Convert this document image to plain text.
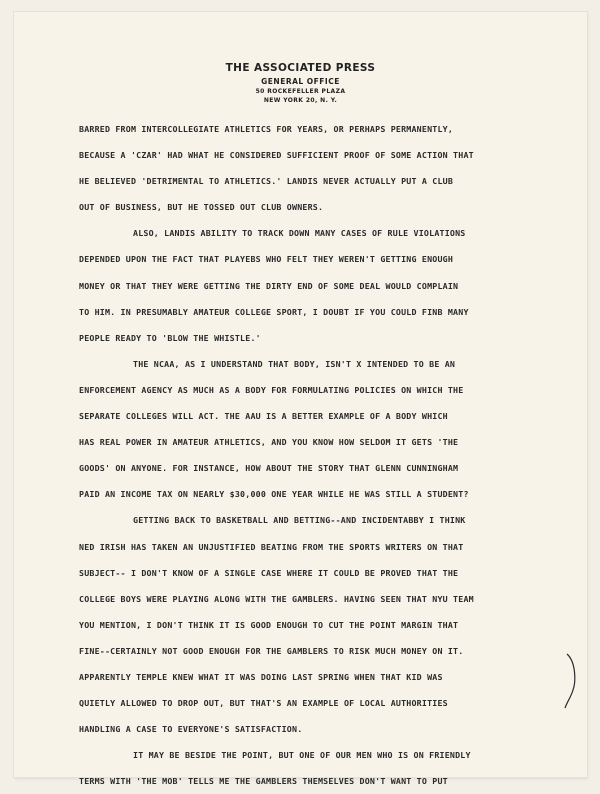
THE ASSOCIATED PRESS
GENERAL OFFICE
50 ROCKEFELLER PLAZA
NEW YORK 20, N. Y.
BARRED FROM INTERCOLLEGIATE ATHLETICS FOR YEARS, OR PERHAPS PERMANENTLY,
BECAUSE A 'CZAR' HAD WHAT HE CONSIDERED SUFFICIENT PROOF OF SOME ACTION THAT
HE BELIEVED 'DETRIMENTAL TO ATHLETICS.' LANDIS NEVER ACTUALLY PUT A CLUB
OUT OF BUSINESS, BUT HE TOSSED OUT CLUB OWNERS.
ALSO, LANDIS ABILITY TO TRACK DOWN MANY CASES OF RULE VIOLATIONS
DEPENDED UPON THE FACT THAT PLAYEBS WHO FELT THEY WEREN'T GETTING ENOUGH
MONEY OR THAT THEY WERE GETTING THE DIRTY END OF SOME DEAL WOULD COMPLAIN
TO HIM. IN PRESUMABLY AMATEUR COLLEGE SPORT, I DOUBT IF YOU COULD FINB MANY
PEOPLE READY TO 'BLOW THE WHISTLE.'
THE NCAA, AS I UNDERSTAND THAT BODY, ISN'T X INTENDED TO BE AN
ENFORCEMENT AGENCY AS MUCH AS A BODY FOR FORMULATING POLICIES ON WHICH THE
SEPARATE COLLEGES WILL ACT. THE AAU IS A BETTER EXAMPLE OF A BODY WHICH
HAS REAL POWER IN AMATEUR ATHLETICS, AND YOU KNOW HOW SELDOM IT GETS 'THE
GOODS' ON ANYONE. FOR INSTANCE, HOW ABOUT THE STORY THAT GLENN CUNNINGHAM
PAID AN INCOME TAX ON NEARLY $30,000 ONE YEAR WHILE HE WAS STILL A STUDENT?
GETTING BACK TO BASKETBALL AND BETTING--AND INCIDENTABBY I THINK
NED IRISH HAS TAKEN AN UNJUSTIFIED BEATING FROM THE SPORTS WRITERS ON THAT
SUBJECT-- I DON'T KNOW OF A SINGLE CASE WHERE IT COULD BE PROVED THAT THE
COLLEGE BOYS WERE PLAYING ALONG WITH THE GAMBLERS. HAVING SEEN THAT NYU TEAM
YOU MENTION, I DON'T THINK IT IS GOOD ENOUGH TO CUT THE POINT MARGIN THAT
FINE--CERTAINLY NOT GOOD ENOUGH FOR THE GAMBLERS TO RISK MUCH MONEY ON IT.
APPARENTLY TEMPLE KNEW WHAT IT WAS DOING LAST SPRING WHEN THAT KID WAS
QUIETLY ALLOWED TO DROP OUT, BUT THAT'S AN EXAMPLE OF LOCAL AUTHORITIES
HANDLING A CASE TO EVERYONE'S SATISFACTION.
IT MAY BE BESIDE THE POINT, BUT ONE OF OUR MEN WHO IS ON FRIENDLY
TERMS WITH 'THE MOB' TELLS ME THE GAMBLERS THEMSELVES DON'T WANT TO PUT
